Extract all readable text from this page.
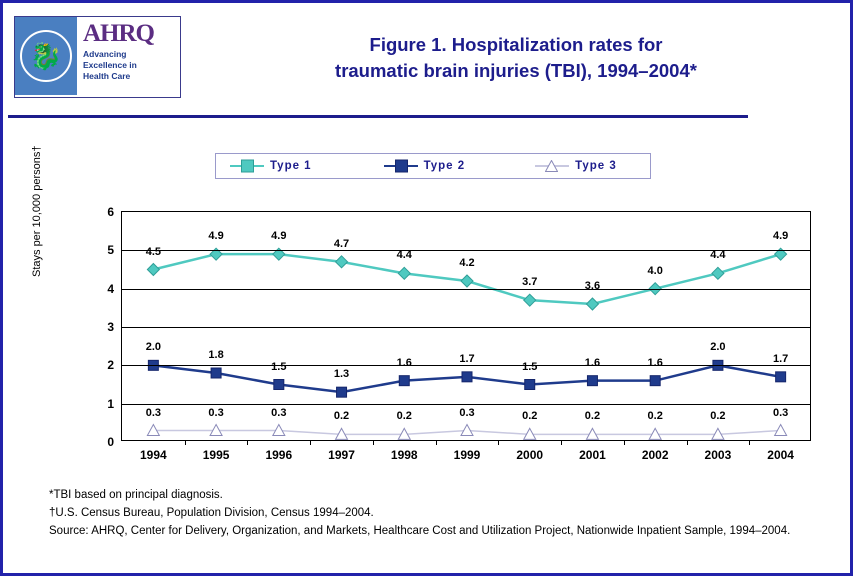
🐉
AHRQ
Advancing
Excellence in
Health Care
Figure 1. Hospitalization rates for
traumatic brain injuries (TBI), 1994–2004*
Type 1	Type 2	Type 3
Stays per 10,000 persons†
0
1
2
3
4
5
6
1994	1995	1996	1997	1998	1999	2000	2001	2002	2003	2004
4.5
4.9	4.9
4.7
4.4
4.2
3.7	3.6
4.0
4.4
4.9
2.0
1.8
1.5
1.3
1.6	1.7
1.5	1.6	1.6
2.0
1.7
0.3	0.3	0.3	0.2	0.2	0.3	0.2	0.2	0.2	0.2	0.3
*TBI based on principal diagnosis.
†U.S. Census Bureau, Population Division, Census 1994–2004.
Source: AHRQ, Center for Delivery, Organization, and Markets, Healthcare Cost and Utilization Project, Nationwide Inpatient Sample, 1994–2004.
